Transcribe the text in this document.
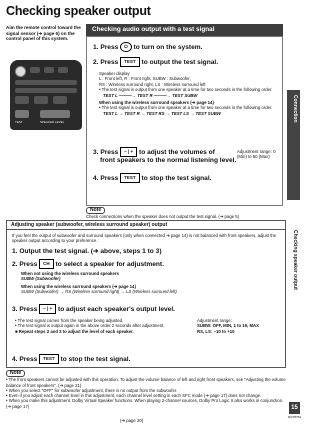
Checking speaker output
Aim the remote control toward the signal sensor (➔ page 6) on the control panel of this system.
TEST	SPEAKER LEVEL
Checking audio output with a test signal
1. Press ⏻ to turn on the system.
2. Press TEST to output the test signal.
Speaker display
L : Front left, R : Front right, SUBW : Subwoofer,
RS : Wireless surround right, LS : Wireless surround left
• The test signal is output from one speaker at a time for two seconds in the following order.
TEST L ———→ TEST R ———→ TEST SUBW
When using the wireless surround speakers (➔ page 14)
• The test signal is output from one speaker at a time for two seconds in the following order.
TEST L → TEST R → TEST RS → TEST LS → TEST SUBW
3. Press − | + to adjust the volumes of
front speakers to the normal listening level.
Adjustment range: 0 (Min) to 50 (Max)
4. Press TEST to stop the test signal.
Note
Check connections when the speaker does not output the test signal. (➔ page 5)
Adjusting speaker (subwoofer, wireless surround speaker) output
If you feel the output of subwoofer and surround speakers (only when connected ➔ page 14) is not balanced with front speakers, adjust the speaker output according to your preference.
1. Output the test signal. (➔ above, steps 1 to 3)
2. Press CH to select a speaker for adjustment.
When not using the wireless surround speakers
SUBW (Subwoofer)
When using the wireless surround speakers (➔ page 14)
SUBW (Subwoofer) → RS (Wireless surround right) → LS (Wireless surround left)
3. Press − | + to adjust each speaker's output level.
• The test signal comes from the speaker being adjusted.
• The test signal is output again in the above order 2 seconds after adjustment.
■ Repeat steps 2 and 3 to adjust the level of each speaker.
Adjustment range:
SUBW: OFF, MIN, 1 to 19, MAX
RS, LS: −10 to +10
4. Press TEST to stop the test signal.
Note
• The front speakers cannot be adjusted with this operation. To adjust the volume balance of left and right front speakers, see "Adjusting the volume balance of front speakers". (➔ page 21)
• When you select "OFF" for subwoofer adjustment, there is no output from the subwoofer.
• Even if you adjust each channel level in this adjustment, each channel level setting in each SFC mode (➔ page 17) does not change.
• When you make this adjustment, Dolby Virtual Speaker functions. When playing 2-channel sources, Dolby Pro Logic II also works in conjunction. (➔ page 17)
(➔ page 20)
Connection
Checking speaker output
15
RQT8753
